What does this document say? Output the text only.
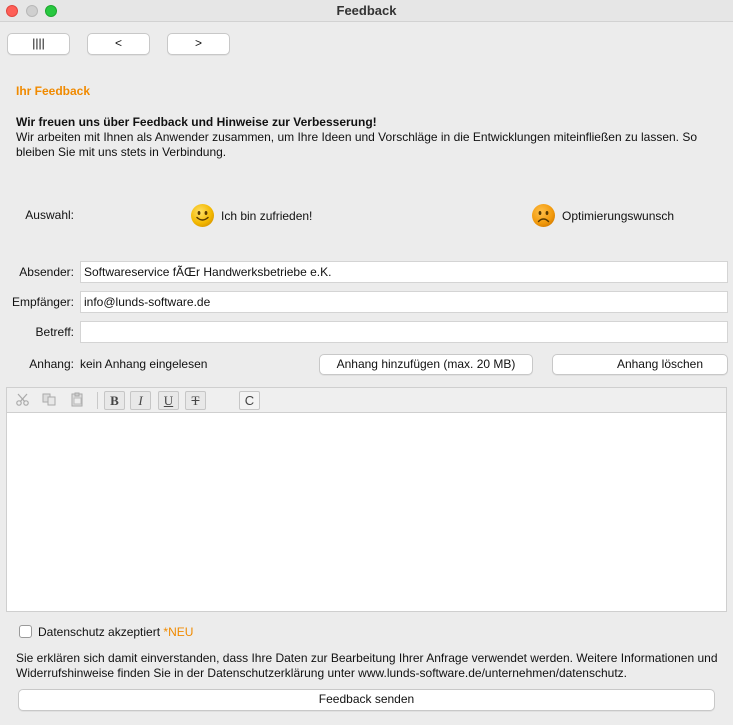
Feedback
||||	<	>
Ihr Feedback
Wir freuen uns über Feedback und Hinweise zur Verbesserung!
Wir arbeiten mit Ihnen als Anwender zusammen, um Ihre Ideen und Vorschläge in die Entwicklungen miteinfließen zu lassen. So bleiben Sie mit uns stets in Verbindung.
Auswahl:	Ich bin zufrieden!	Optimierungswunsch
Absender: Softwareservice fÃŒr Handwerksbetriebe e.K.
Empfänger: info@lunds-software.de
Betreff:
Anhang: kein Anhang eingelesen	Anhang hinzufügen (max. 20 MB)	Anhang löschen
B	I	U	T	C
Datenschutz akzeptiert *NEU
Sie erklären sich damit einverstanden, dass Ihre Daten zur Bearbeitung Ihrer Anfrage verwendet werden. Weitere Informationen und Widerrufshinweise finden Sie in der Datenschutzerklärung unter www.lunds-software.de/unternehmen/datenschutz.
Feedback senden
